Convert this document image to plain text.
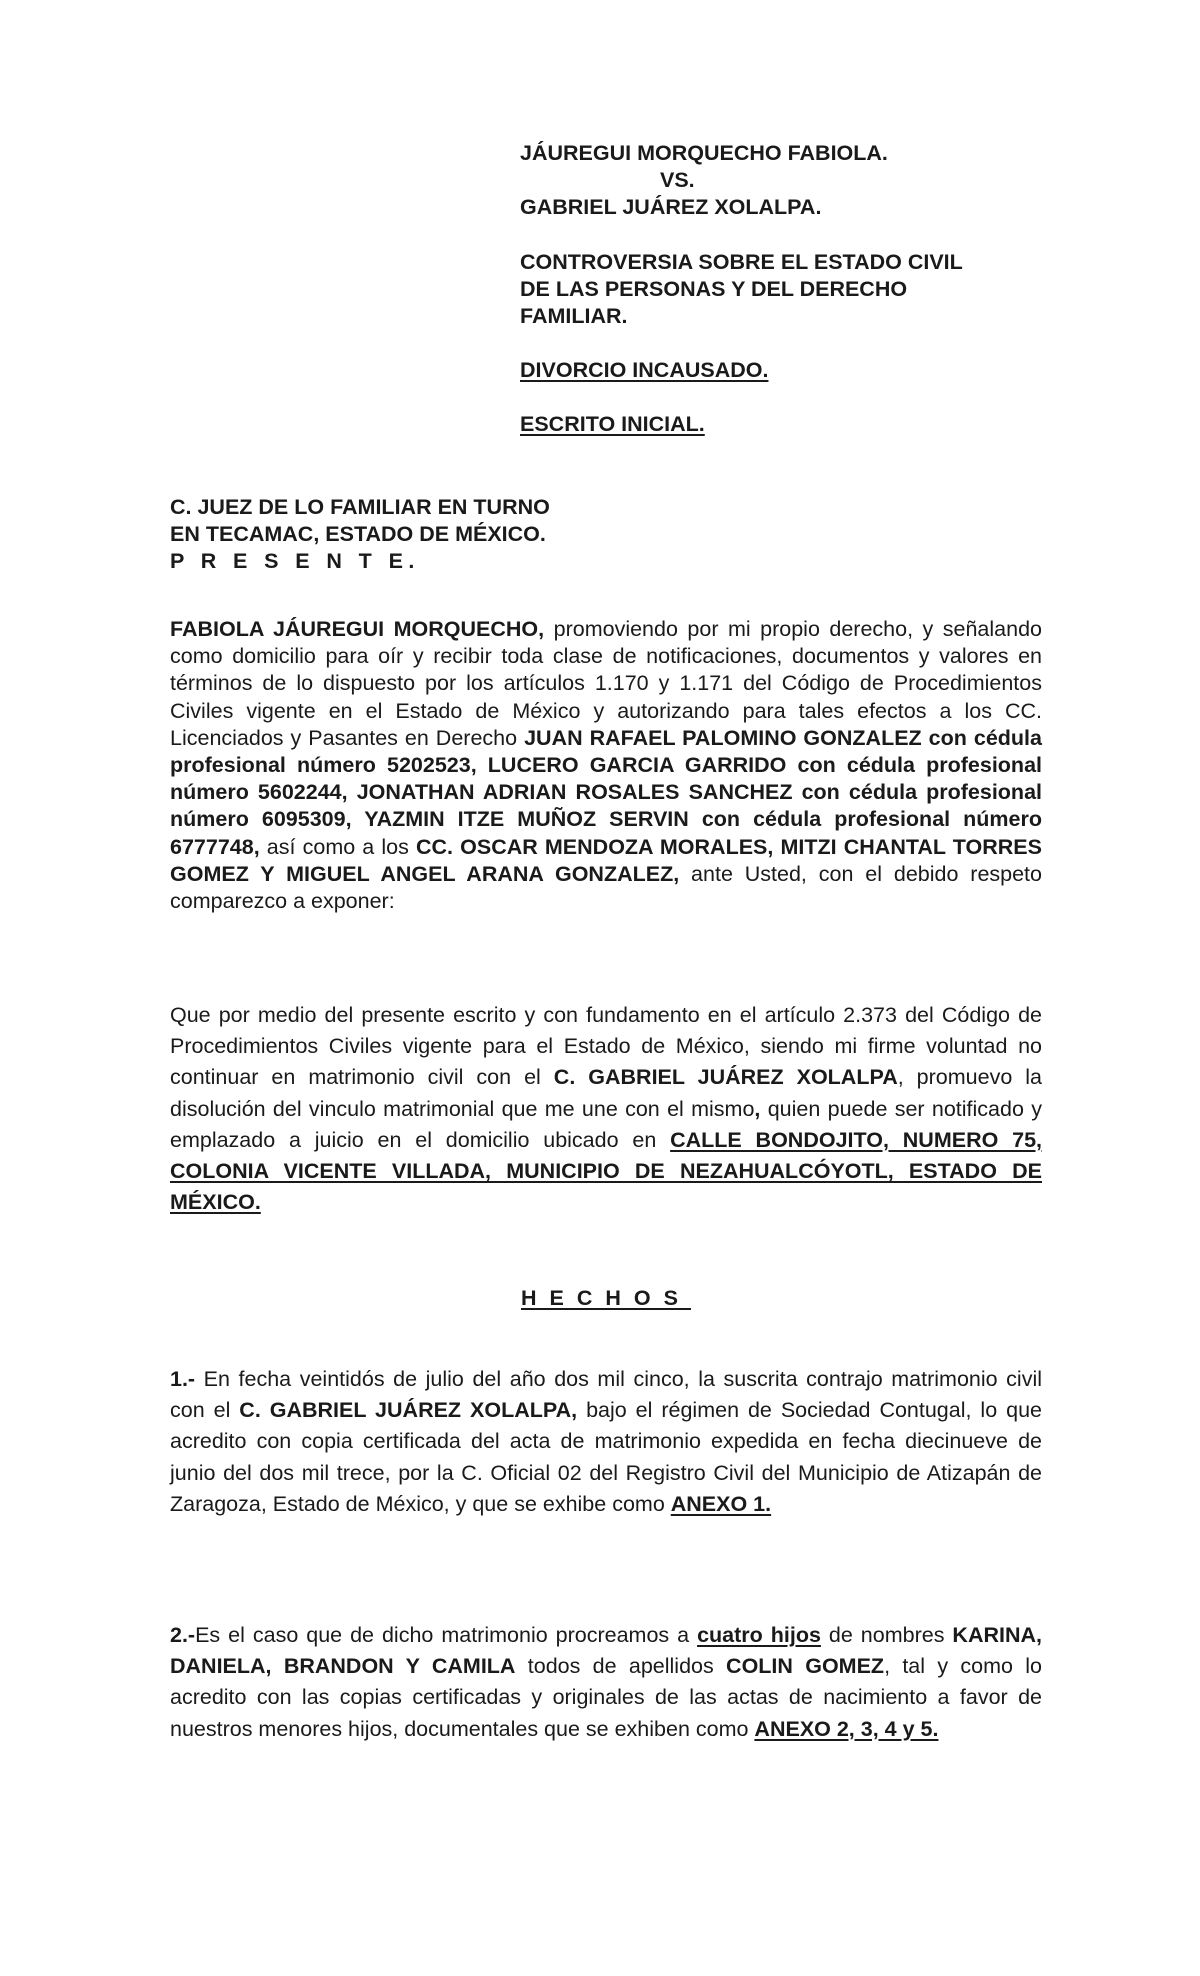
JÁUREGUI MORQUECHO FABIOLA.
VS.
GABRIEL JUÁREZ XOLALPA.
CONTROVERSIA SOBRE EL ESTADO CIVIL
DE LAS PERSONAS Y DEL DERECHO
FAMILIAR.
DIVORCIO INCAUSADO.
ESCRITO INICIAL.
C. JUEZ DE LO FAMILIAR EN TURNO
EN TECAMAC, ESTADO DE MÉXICO.
P R E S E N T E.

FABIOLA JÁUREGUI MORQUECHO, promoviendo por mi propio derecho, y señalando como domicilio para oír y recibir toda clase de notificaciones, documentos y valores en términos de lo dispuesto por los artículos 1.170 y 1.171 del Código de Procedimientos Civiles vigente en el Estado de México y autorizando para tales efectos a los CC. Licenciados y Pasantes en Derecho JUAN RAFAEL PALOMINO GONZALEZ con cédula profesional número 5202523, LUCERO GARCIA GARRIDO con cédula profesional número 5602244, JONATHAN ADRIAN ROSALES SANCHEZ con cédula profesional número 6095309, YAZMIN ITZE MUÑOZ SERVIN con cédula profesional número 6777748, así como a los CC. OSCAR MENDOZA MORALES, MITZI CHANTAL TORRES GOMEZ Y MIGUEL ANGEL ARANA GONZALEZ, ante Usted, con el debido respeto comparezco a exponer:

Que por medio del presente escrito y con fundamento en el artículo 2.373 del Código de Procedimientos Civiles vigente para el Estado de México, siendo mi firme voluntad no continuar en matrimonio civil con el C. GABRIEL JUÁREZ XOLALPA, promuevo la disolución del vinculo matrimonial que me une con el mismo, quien puede ser notificado y emplazado a juicio en el domicilio ubicado en CALLE BONDOJITO, NUMERO 75, COLONIA VICENTE VILLADA, MUNICIPIO DE NEZAHUALCÓYOTL, ESTADO DE MÉXICO.

HECHOS

1.- En fecha veintidós de julio del año dos mil cinco, la suscrita contrajo matrimonio civil con el C. GABRIEL JUÁREZ XOLALPA, bajo el régimen de Sociedad Contugal, lo que acredito con copia certificada del acta de matrimonio expedida en fecha diecinueve de junio del dos mil trece, por la C. Oficial 02 del Registro Civil del Municipio de Atizapán de Zaragoza, Estado de México, y que se exhibe como ANEXO 1.

2.-Es el caso que de dicho matrimonio procreamos a cuatro hijos de nombres KARINA, DANIELA, BRANDON Y CAMILA todos de apellidos COLIN GOMEZ, tal y como lo acredito con las copias certificadas y originales de las actas de nacimiento a favor de nuestros menores hijos, documentales que se exhiben como ANEXO 2, 3, 4 y 5.
